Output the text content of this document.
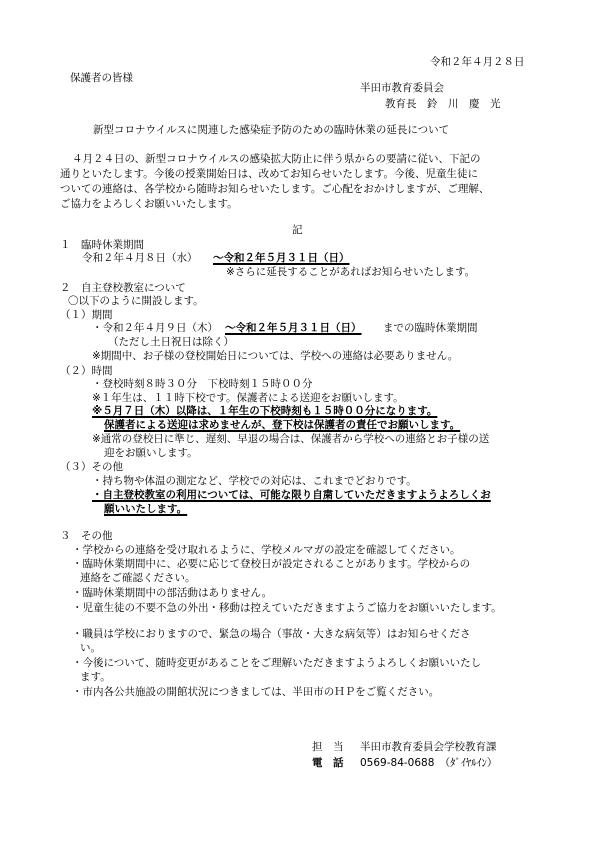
令和２年４月２８日
保護者の皆様
半田市教育委員会
教育長　鈴　川　慶　光
新型コロナウイルスに関連した感染症予防のための臨時休業の延長について
４月２４日の、新型コロナウイルスの感染拡大防止に伴う県からの要請に従い、下記の
通りといたします。今後の授業開始日は、改めてお知らせいたします。今後、児童生徒に
ついての連絡は、各学校から随時お知らせいたします。ご心配をおかけしますが、ご理解、
ご協力をよろしくお願いいたします。
記
１　臨時休業期間
令和２年４月８日（水） ～令和２年５月３１日（日）
※さらに延長することがあればお知らせいたします。
２　自主登校教室について
〇以下のように開設します。
（１）期間
・令和２年４月９日（木） ～令和２年５月３１日（日） までの臨時休業期間
（ただし土日祝日は除く）
※期間中、お子様の登校開始日については、学校への連絡は必要ありません。
（２）時間
・登校時刻８時３０分　下校時刻１５時００分
※１年生は、１１時下校です。保護者による送迎をお願いします。
※５月７日（木）以降は、１年生の下校時刻も１５時００分になります。
保護者による送迎は求めませんが、登下校は保護者の責任でお願いします。
※通常の登校日に準じ、遅刻、早退の場合は、保護者から学校への連絡とお子様の送
迎をお願いします。
（３）その他
・持ち物や体温の測定など、学校での対応は、これまでどおりです。
・自主登校教室の利用については、可能な限り自粛していただきますようよろしくお
願いいたします。
３　その他
・学校からの連絡を受け取れるように、学校メルマガの設定を確認してください。
・臨時休業期間中に、必要に応じて登校日が設定されることがあります。学校からの
連絡をご確認ください。
・臨時休業期間中の部活動はありません。
・児童生徒の不要不急の外出・移動は控えていただきますようご協力をお願いいたします。
・職員は学校におりますので、緊急の場合（事故・大きな病気等）はお知らせくださ
い。
・今後について、随時変更があることをご理解いただきますようよろしくお願いいたし
ます。
・市内各公共施設の開館状況につきましては、半田市のＨＰをご覧ください。
担　当 半田市教育委員会学校教育課
電　話 0569-84-0688　（ﾀﾞｲﾔﾙｲﾝ）
